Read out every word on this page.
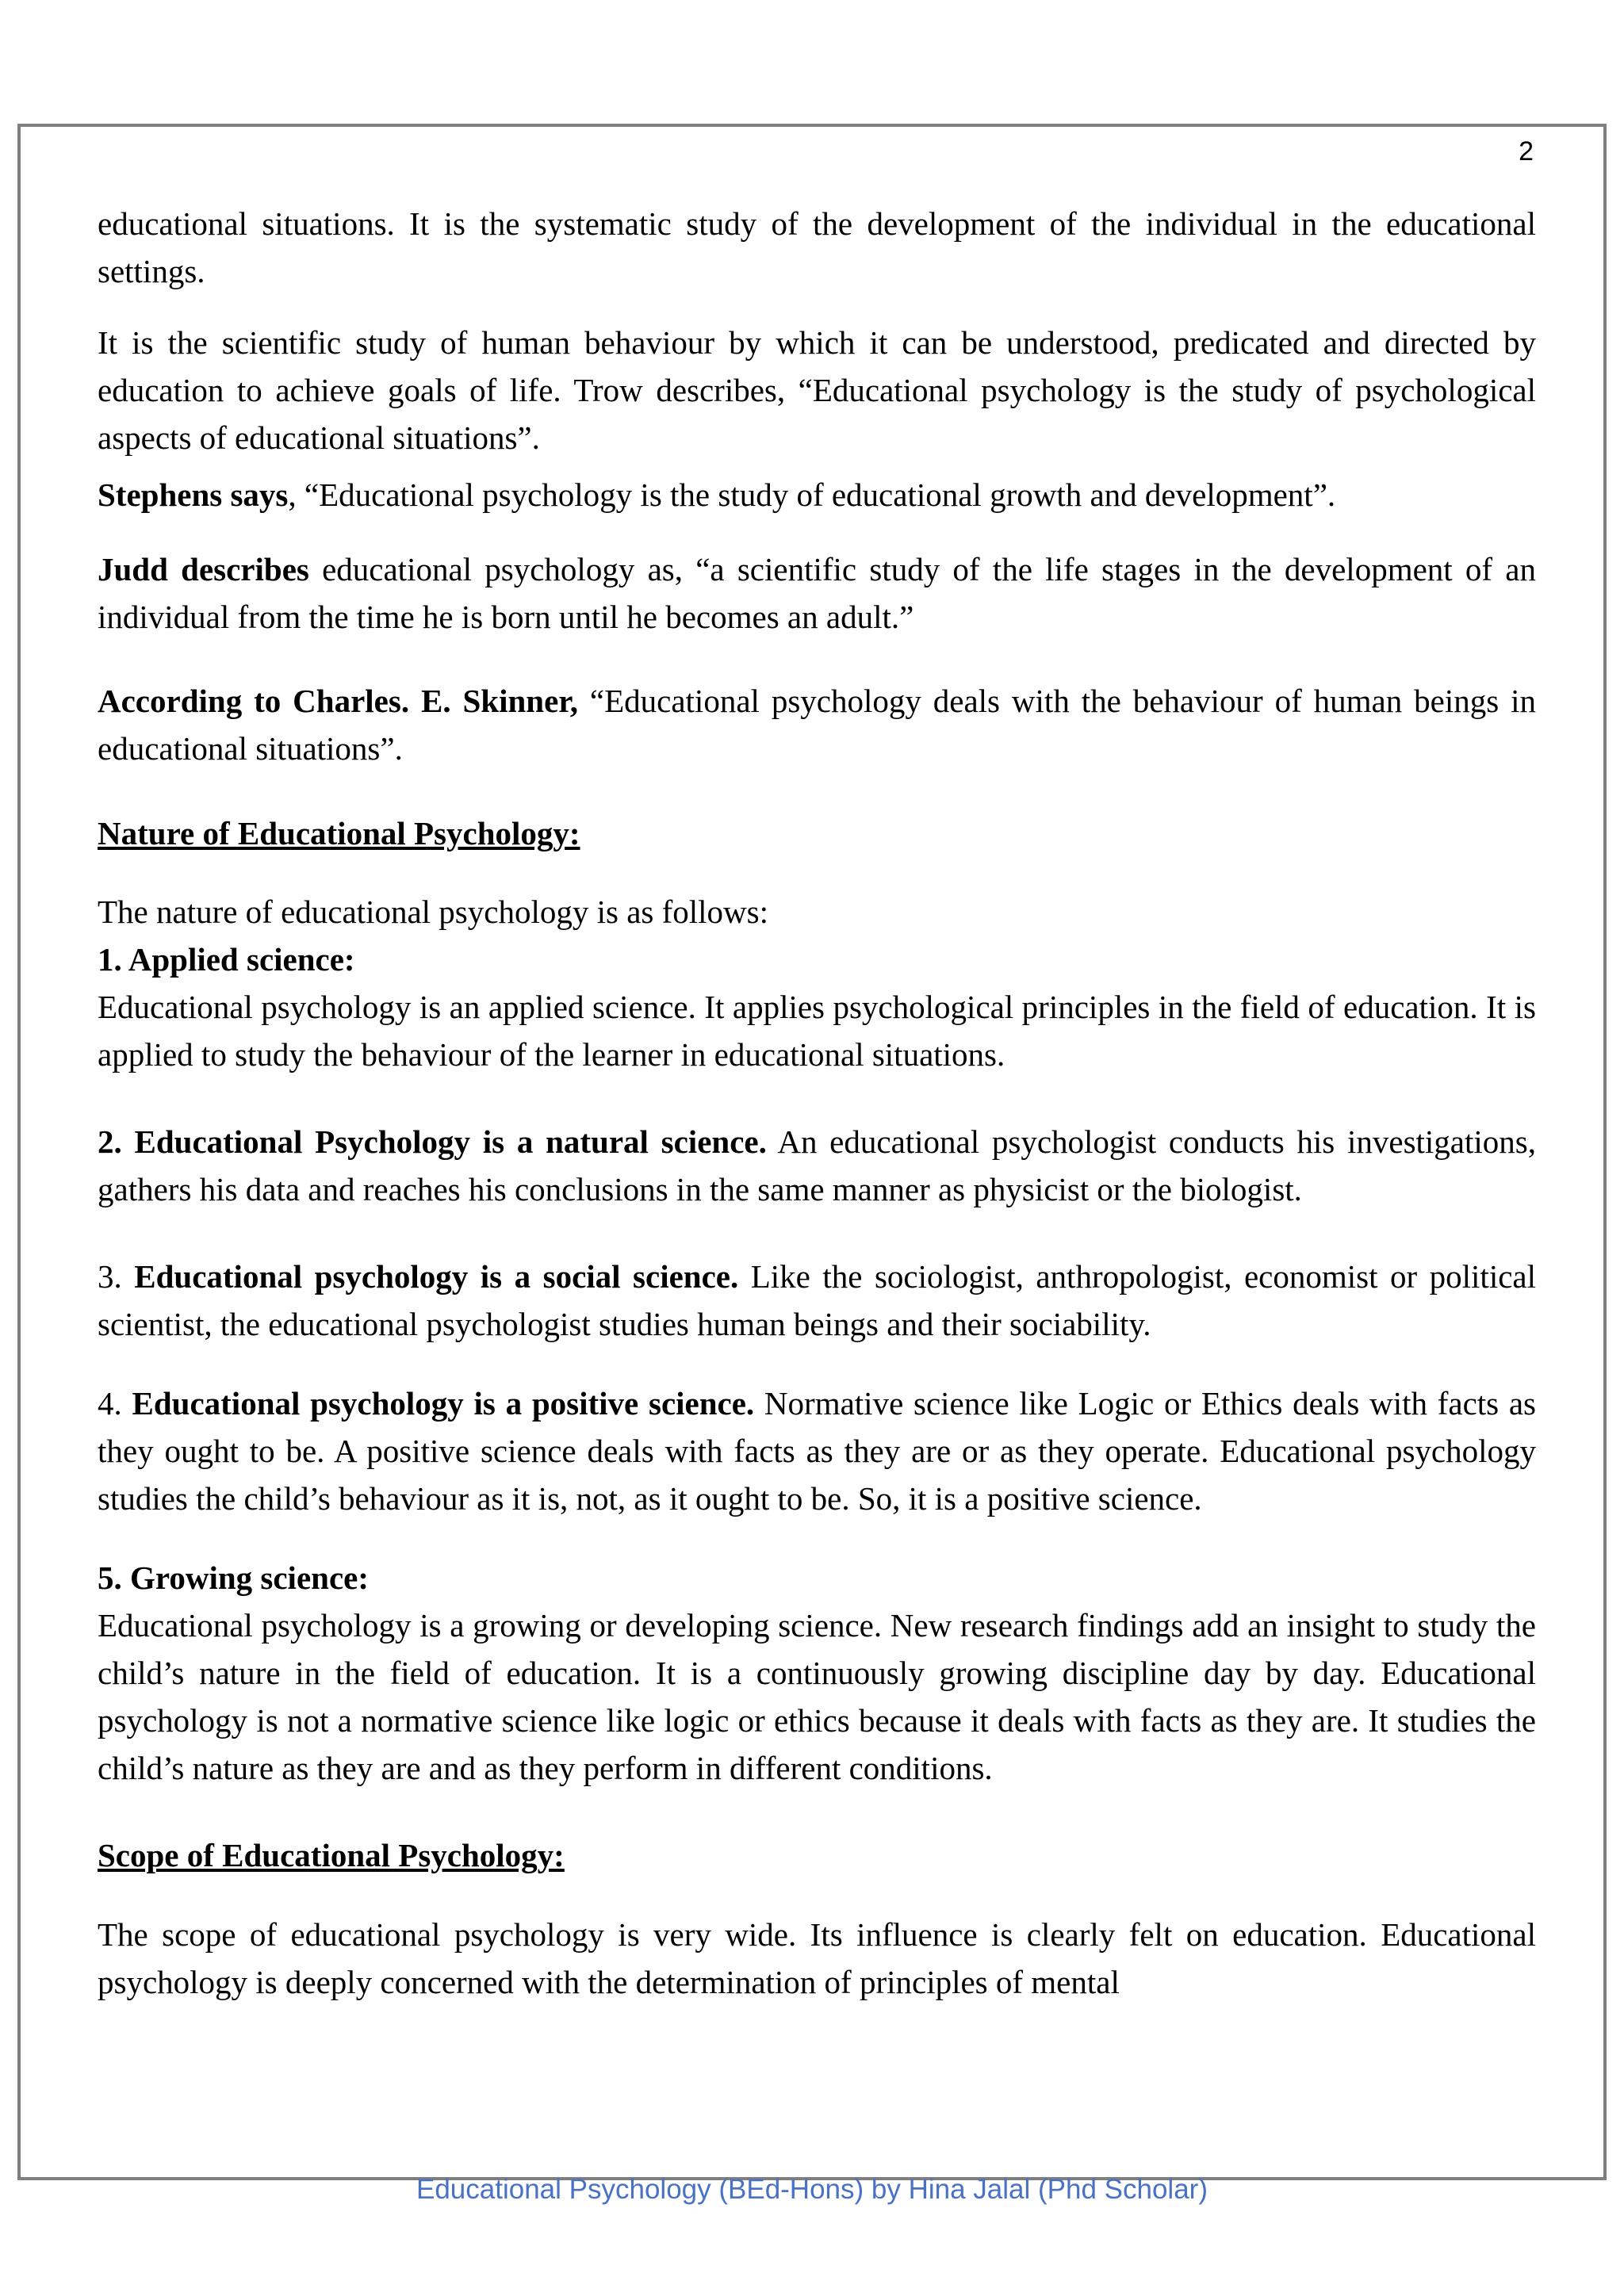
2

educational situations. It is the systematic study of the development of the individual in the educational settings.

It is the scientific study of human behaviour by which it can be understood, predicated and directed by education to achieve goals of life. Trow describes, “Educational psychology is the study of psychological aspects of educational situations”.

Stephens says, “Educational psychology is the study of educational growth and development”.

Judd describes educational psychology as, “a scientific study of the life stages in the development of an individual from the time he is born until he becomes an adult.”

According to Charles. E. Skinner, “Educational psychology deals with the behaviour of human beings in educational situations”.

Nature of Educational Psychology:

The nature of educational psychology is as follows:

1. Applied science:

Educational psychology is an applied science. It applies psychological principles in the field of education. It is applied to study the behaviour of the learner in educational situations.

2. Educational Psychology is a natural science. An educational psychologist conducts his investigations, gathers his data and reaches his conclusions in the same manner as physicist or the biologist.

3. Educational psychology is a social science. Like the sociologist, anthropologist, economist or political scientist, the educational psychologist studies human beings and their sociability.

4. Educational psychology is a positive science. Normative science like Logic or Ethics deals with facts as they ought to be. A positive science deals with facts as they are or as they operate. Educational psychology studies the child’s behaviour as it is, not, as it ought to be. So, it is a positive science.

5. Growing science:

Educational psychology is a growing or developing science. New research findings add an insight to study the child’s nature in the field of education. It is a continuously growing discipline day by day. Educational psychology is not a normative science like logic or ethics because it deals with facts as they are. It studies the child’s nature as they are and as they perform in different conditions.

Scope of Educational Psychology:

The scope of educational psychology is very wide. Its influence is clearly felt on education. Educational psychology is deeply concerned with the determination of principles of mental

Educational Psychology (BEd-Hons) by Hina Jalal (Phd Scholar)
